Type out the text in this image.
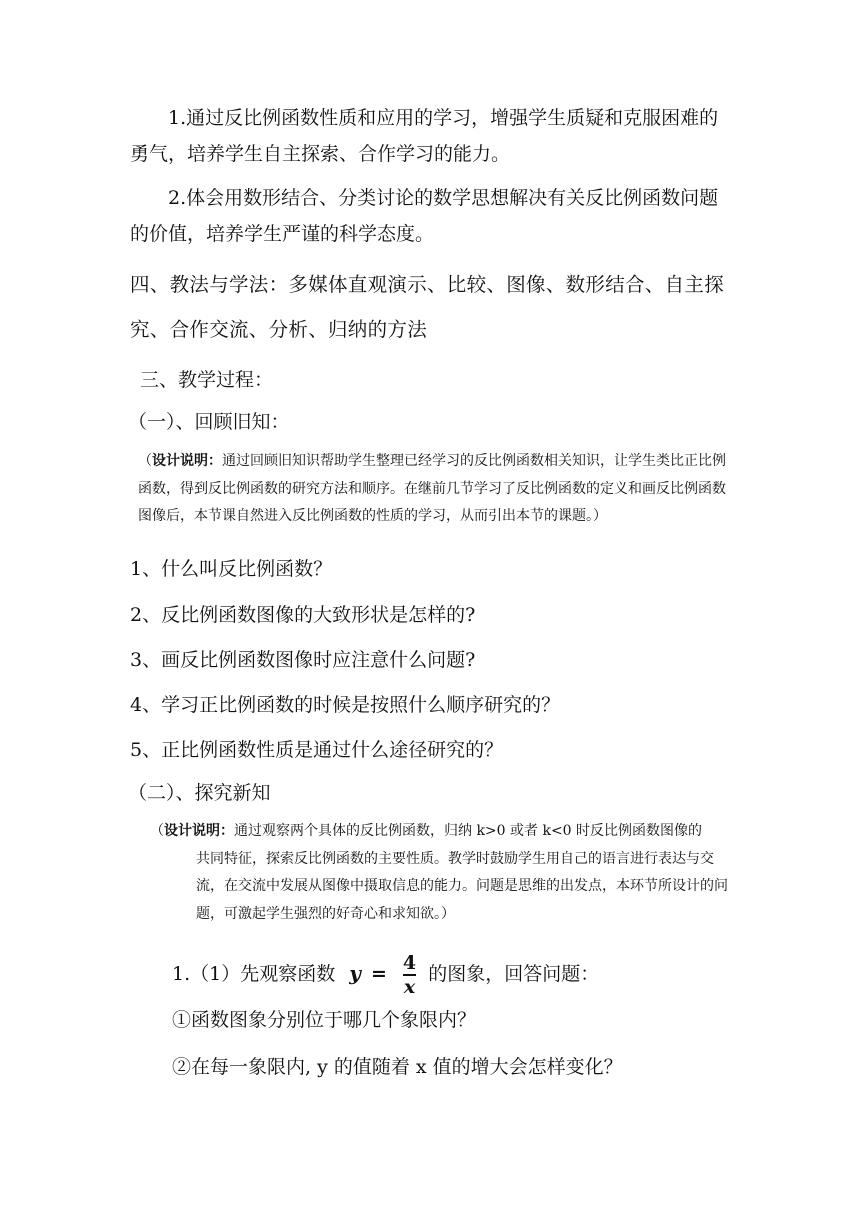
1.通过反比例函数性质和应用的学习，增强学生质疑和克服困难的勇气，培养学生自主探索、合作学习的能力。

2.体会用数形结合、分类讨论的数学思想解决有关反比例函数问题的价值，培养学生严谨的科学态度。

四、教法与学法：多媒体直观演示、比较、图像、数形结合、自主探究、合作交流、分析、归纳的方法

三、教学过程：
（一）、回顾旧知：
（设计说明：通过回顾旧知识帮助学生整理已经学习的反比例函数相关知识，让学生类比正比例函数，得到反比例函数的研究方法和顺序。在继前几节学习了反比例函数的定义和画反比例函数图像后，本节课自然进入反比例函数的性质的学习，从而引出本节的课题。）
1、什么叫反比例函数？
2、反比例函数图像的大致形状是怎样的?
3、画反比例函数图像时应注意什么问题?
4、学习正比例函数的时候是按照什么顺序研究的？
5、正比例函数性质是通过什么途径研究的？
（二）、探究新知
（设计说明：通过观察两个具体的反比例函数，归纳 k>0 或者 k<0 时反比例函数图像的
共同特征，探索反比例函数的主要性质。教学时鼓励学生用自己的语言进行表达与交流，在交流中发展从图像中摄取信息的能力。问题是思维的出发点，本环节所设计的问题，可激起学生强烈的好奇心和求知欲。）
1.（1）先观察函数 $y = \frac{4}{x}$ 的图象，回答问题：
①函数图象分别位于哪几个象限内？
②在每一象限内, y 的值随着 x 值的增大会怎样变化？
